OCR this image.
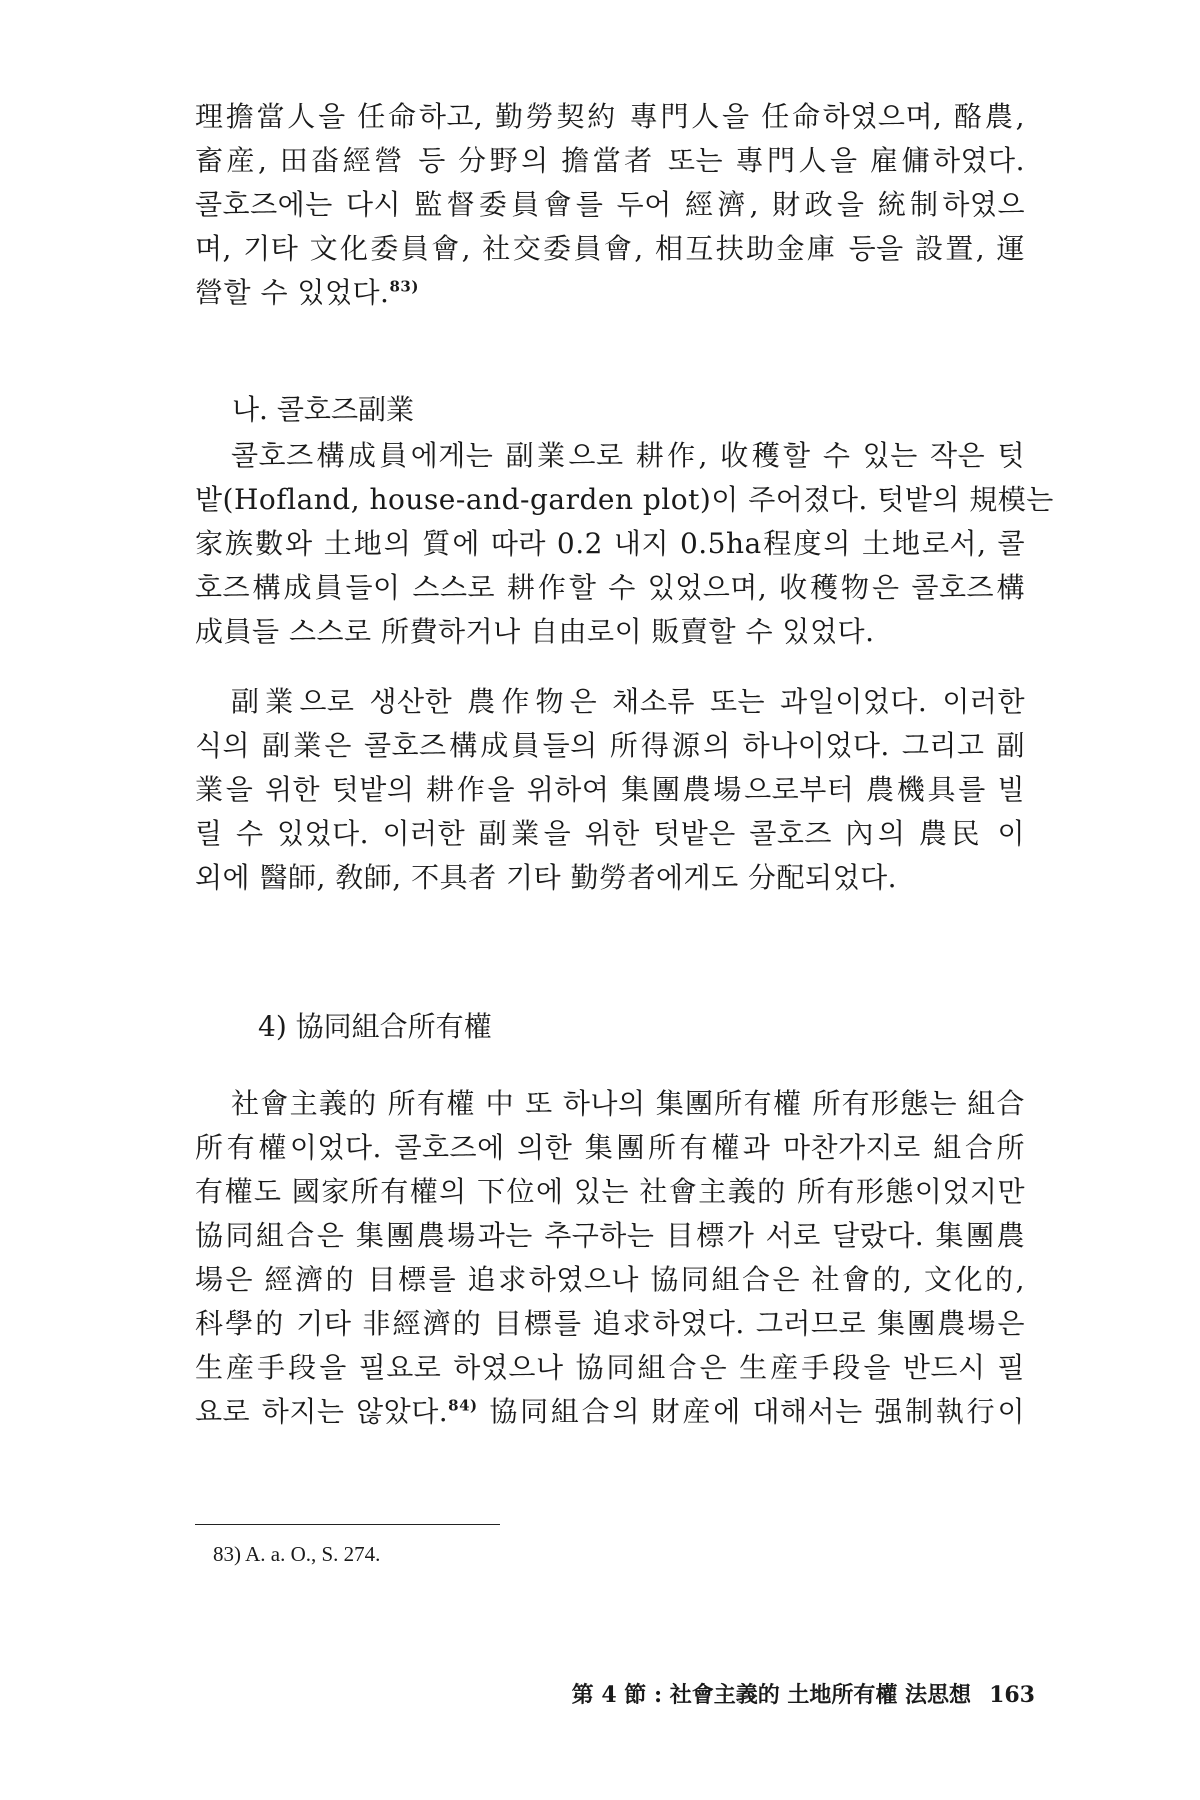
理擔當人을 任命하고, 勤勞契約 專門人을 任命하였으며, 酪農,
畜産, 田畓經營 등 分野의 擔當者 또는 專門人을 雇傭하였다.
콜호즈에는 다시 監督委員會를 두어 經濟, 財政을 統制하였으
며, 기타 文化委員會, 社交委員會, 相互扶助金庫 등을 設置, 運
營할 수 있었다.$^{83)}$
나. 콜호즈副業
콜호즈構成員에게는 副業으로 耕作, 收穫할 수 있는 작은 텃
밭(Hofland, house-and-garden plot)이 주어졌다. 텃밭의 規模는
家族數와 土地의 質에 따라 0.2 내지 0.5ha程度의 土地로서, 콜
호즈構成員들이 스스로 耕作할 수 있었으며, 收穫物은 콜호즈構
成員들 스스로 所費하거나 自由로이 販賣할 수 있었다.
副業으로 생산한 農作物은 채소류 또는 과일이었다. 이러한
식의 副業은 콜호즈構成員들의 所得源의 하나이었다. 그리고 副
業을 위한 텃밭의 耕作을 위하여 集團農場으로부터 農機具를 빌
릴 수 있었다. 이러한 副業을 위한 텃밭은 콜호즈 內의 農民 이
외에 醫師, 敎師, 不具者 기타 勤勞者에게도 分配되었다.
4) 協同組合所有權
社會主義的 所有權 中 또 하나의 集團所有權 所有形態는 組合
所有權이었다. 콜호즈에 의한 集團所有權과 마찬가지로 組合所
有權도 國家所有權의 下位에 있는 社會主義的 所有形態이었지만
協同組合은 集團農場과는 추구하는 目標가 서로 달랐다. 集團農
場은 經濟的 目標를 追求하였으나 協同組合은 社會的, 文化的,
科學的 기타 非經濟的 目標를 追求하였다. 그러므로 集團農場은
生産手段을 필요로 하였으나 協同組合은 生産手段을 반드시 필
요로 하지는 않았다.$^{84)}$ 協同組合의 財産에 대해서는 强制執行이
83) A. a. O., S. 274.
第 4 節 : 社會主義的 土地所有權 法思想 163
